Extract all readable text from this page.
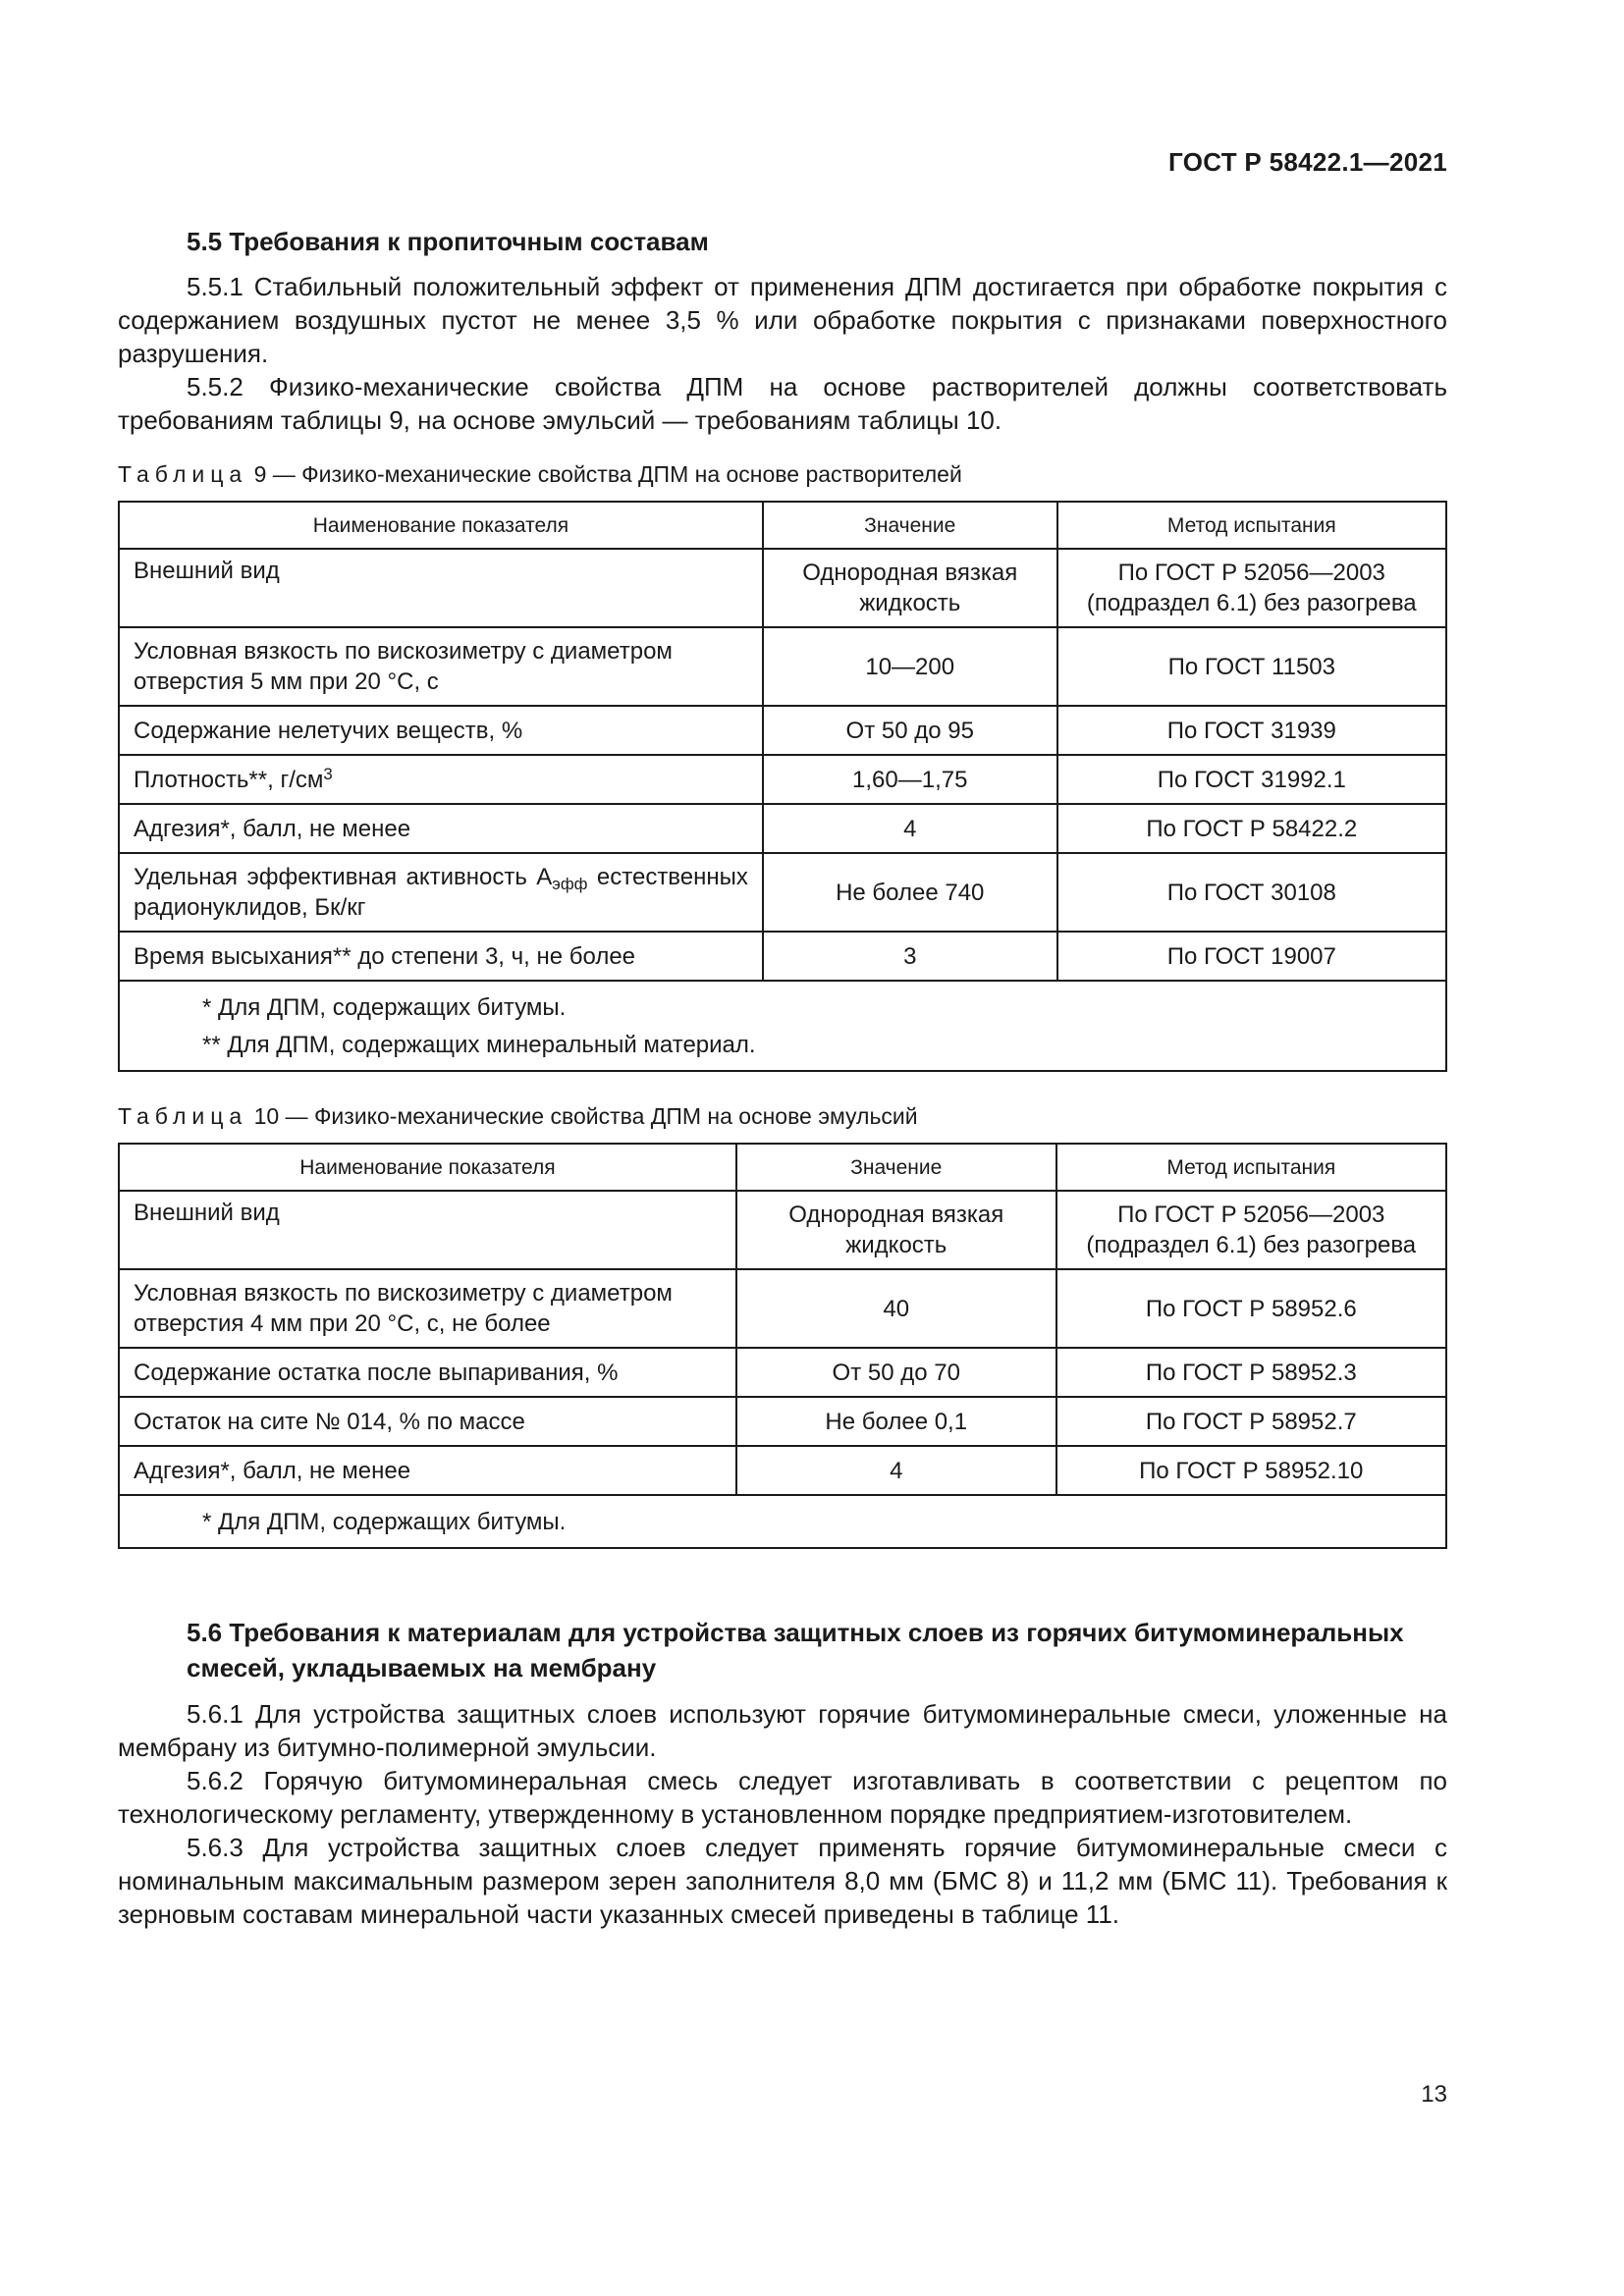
ГОСТ Р 58422.1—2021
5.5 Требования к пропиточным составам
5.5.1 Стабильный положительный эффект от применения ДПМ достигается при обработке покрытия с содержанием воздушных пустот не менее 3,5 % или обработке покрытия с признаками поверхностного разрушения.
5.5.2 Физико-механические свойства ДПМ на основе растворителей должны соответствовать требованиям таблицы 9, на основе эмульсий — требованиям таблицы 10.
Таблица 9 — Физико-механические свойства ДПМ на основе растворителей
Наименование показателя	Значение	Метод испытания
Внешний вид	Однородная вязкая жидкость	По ГОСТ Р 52056—2003 (подраздел 6.1) без разогрева
Условная вязкость по вискозиметру с диаметром отверстия 5 мм при 20 °С, с	10—200	По ГОСТ 11503
Содержание нелетучих веществ, %	От 50 до 95	По ГОСТ 31939
Плотность**, $г/см^3$	1,60—1,75	По ГОСТ 31992.1
Адгезия*, балл, не менее	4	По ГОСТ Р 58422.2
Удельная эффективная активность $А_{эфф}$ естественных радионуклидов, Бк/кг	Не более 740	По ГОСТ 30108
Время высыхания** до степени 3, ч, не более	3	По ГОСТ 19007

* Для ДПМ, содержащих битумы.
** Для ДПМ, содержащих минеральный материал.		
Таблица 10 — Физико-механические свойства ДПМ на основе эмульсий
Наименование показателя	Значение	Метод испытания
Внешний вид	Однородная вязкая жидкость	По ГОСТ Р 52056—2003 (подраздел 6.1) без разогрева
Условная вязкость по вискозиметру с диаметром отверстия 4 мм при 20 °С, с, не более	40	По ГОСТ Р 58952.6
Содержание остатка после выпаривания, %	От 50 до 70	По ГОСТ Р 58952.3
Остаток на сите № 014, % по массе	Не более 0,1	По ГОСТ Р 58952.7
Адгезия*, балл, не менее	4	По ГОСТ Р 58952.10

* Для ДПМ, содержащих битумы.		
5.6 Требования к материалам для устройства защитных слоев из горячих битумоминеральных смесей, укладываемых на мембрану
5.6.1 Для устройства защитных слоев используют горячие битумоминеральные смеси, уложенные на мембрану из битумно-полимерной эмульсии.
5.6.2 Горячую битумоминеральная смесь следует изготавливать в соответствии с рецептом по технологическому регламенту, утвержденному в установленном порядке предприятием-изготовителем.
5.6.3 Для устройства защитных слоев следует применять горячие битумоминеральные смеси с номинальным максимальным размером зерен заполнителя 8,0 мм (БМС 8) и 11,2 мм (БМС 11). Требования к зерновым составам минеральной части указанных смесей приведены в таблице 11.
13
